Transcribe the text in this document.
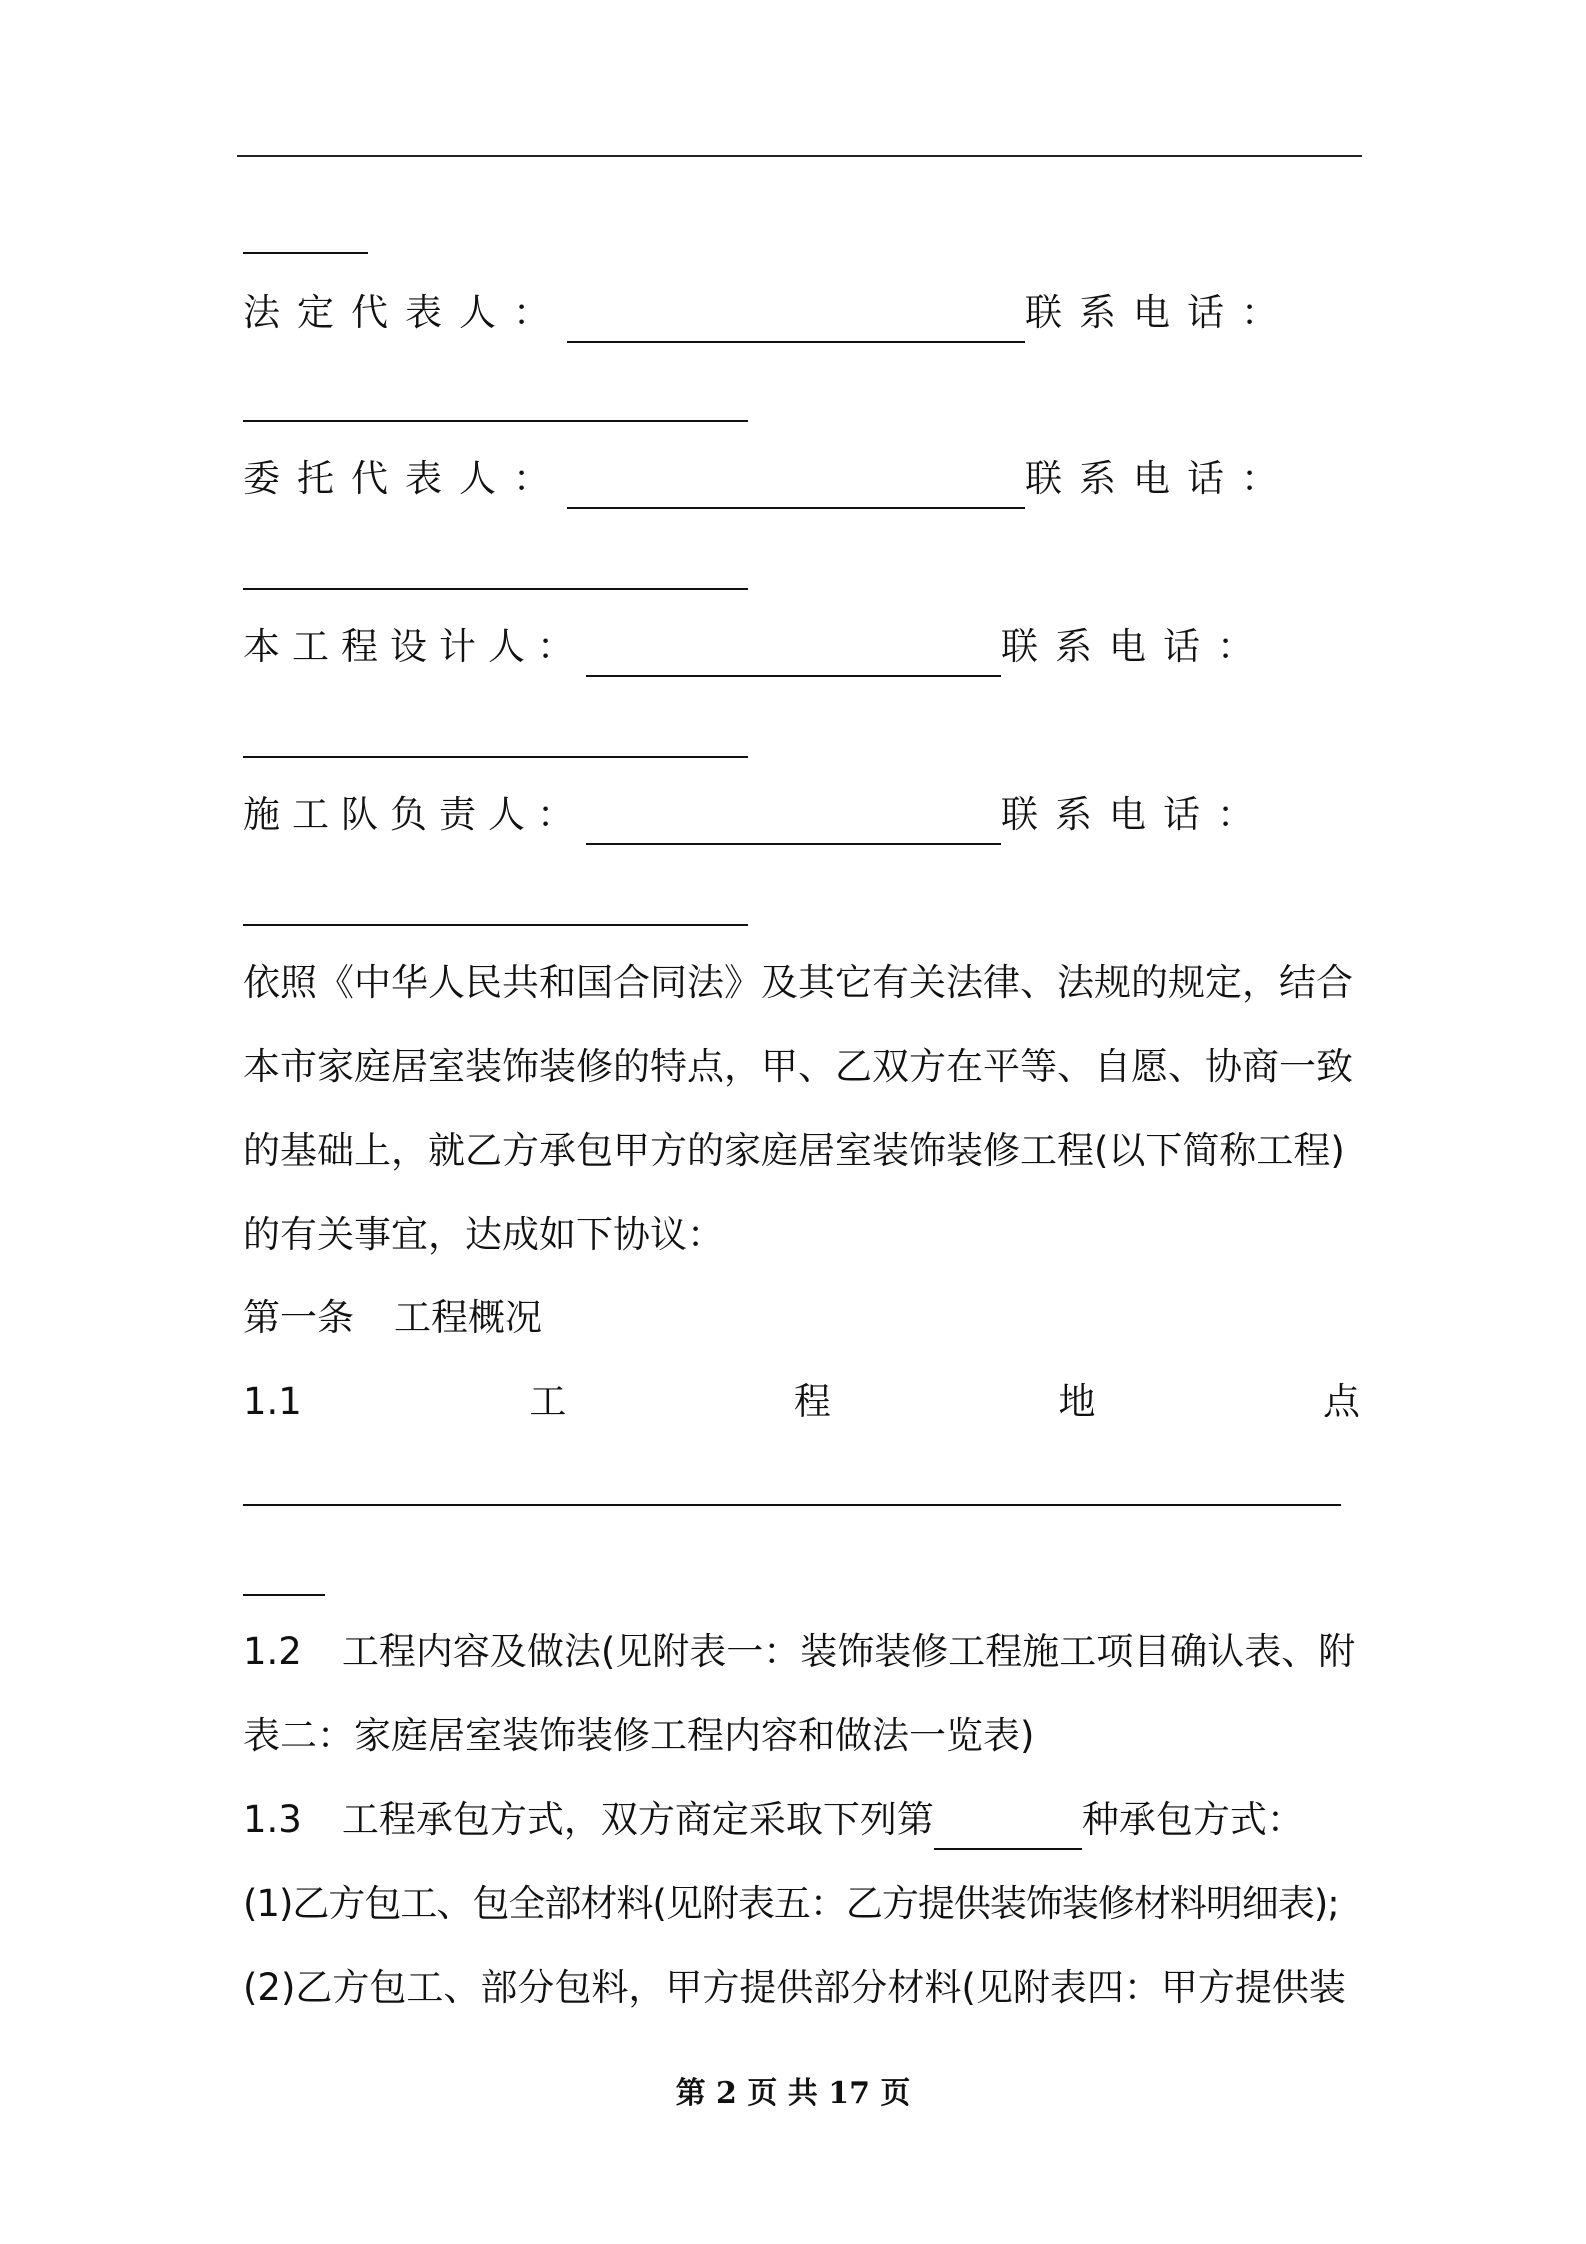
法定代表人：	联系电话：
委托代表人：	联系电话：
本工程设计人：	联系电话：
施工队负责人：	联系电话：
依照《中华人民共和国合同法》及其它有关法律、法规的规定，结合
本市家庭居室装饰装修的特点，甲、乙双方在平等、自愿、协商一致
的基础上，就乙方承包甲方的家庭居室装饰装修工程(以下简称工程)
的有关事宜，达成如下协议：
第一条 工程概况
1.1	工	程	地	点
1.2 工程内容及做法(见附表一：装饰装修工程施工项目确认表、附
表二：家庭居室装饰装修工程内容和做法一览表)
1.3 工程承包方式，双方商定采取下列第	种承包方式：
(1)乙方包工、包全部材料(见附表五：乙方提供装饰装修材料明细表);
(2)乙方包工、部分包料，甲方提供部分材料(见附表四：甲方提供装
第 2 页 共 17 页
